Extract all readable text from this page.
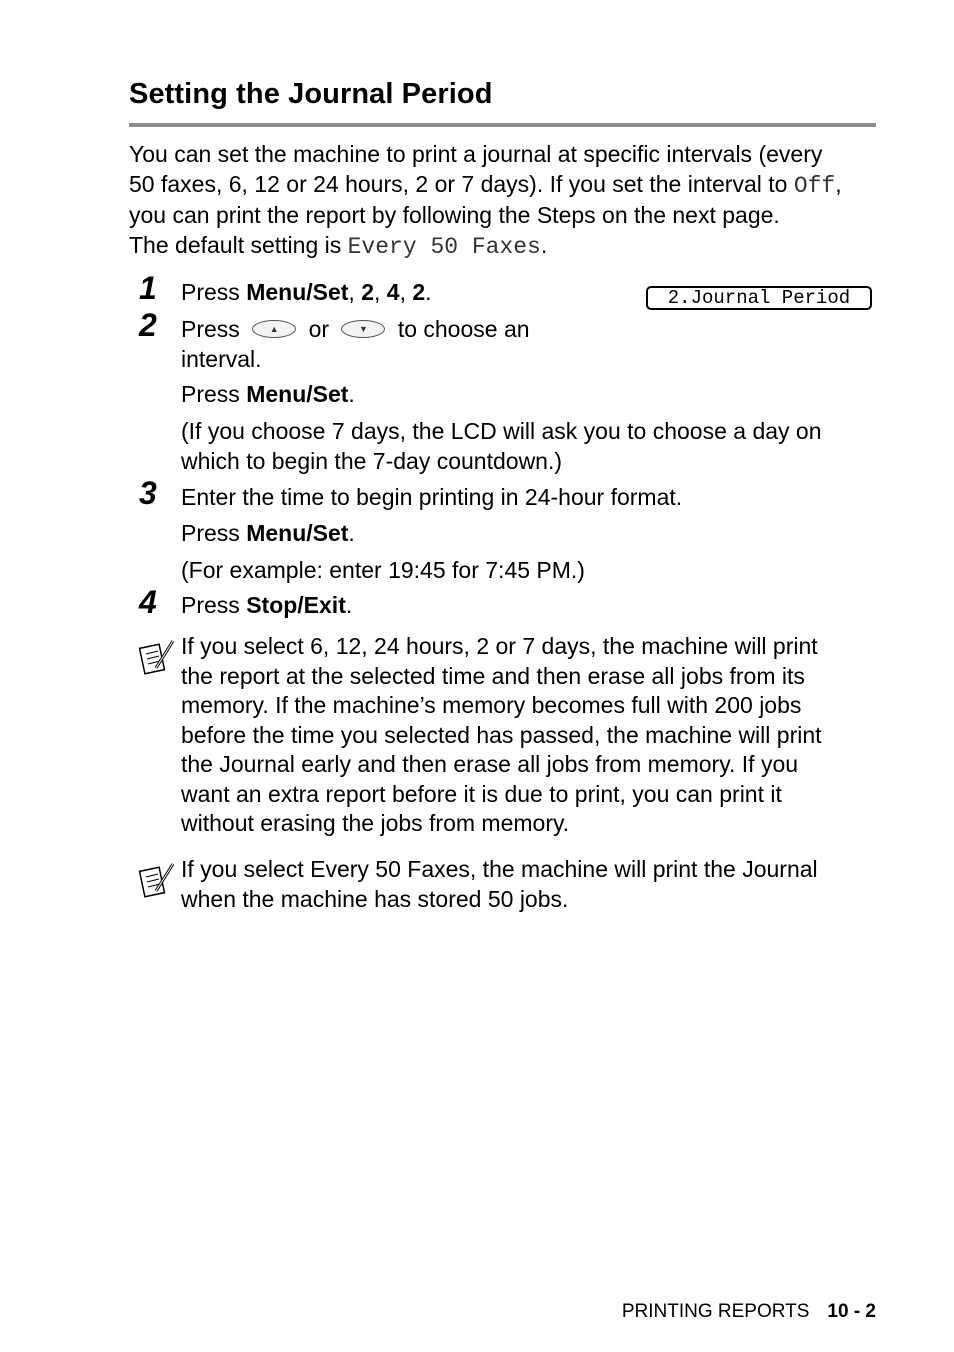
Setting the Journal Period

You can set the machine to print a journal at specific intervals (every

50 faxes, 6, 12 or 24 hours, 2 or 7 days). If you set the interval to Off,

you can print the report by following the Steps on the next page.

The default setting is Every 50 Faxes.

2.Journal Period
1 Press Menu/Set, 2, 4, 2.
2 Press	▲ or	▼ to choose an
interval.
Press Menu/Set.
(If you choose 7 days, the LCD will ask you to choose a day on
which to begin the 7-day countdown.)
3 Enter the time to begin printing in 24-hour format.
Press Menu/Set.
(For example: enter 19:45 for 7:45 PM.)
4 Press Stop/Exit.
If you select 6, 12, 24 hours, 2 or 7 days, the machine will print
the report at the selected time and then erase all jobs from its
memory. If the machine’s memory becomes full with 200 jobs
before the time you selected has passed, the machine will print
the Journal early and then erase all jobs from memory. If you
want an extra report before it is due to print, you can print it
without erasing the jobs from memory.
If you select Every 50 Faxes, the machine will print the Journal
when the machine has stored 50 jobs.
PRINTING REPORTS 10 - 2
